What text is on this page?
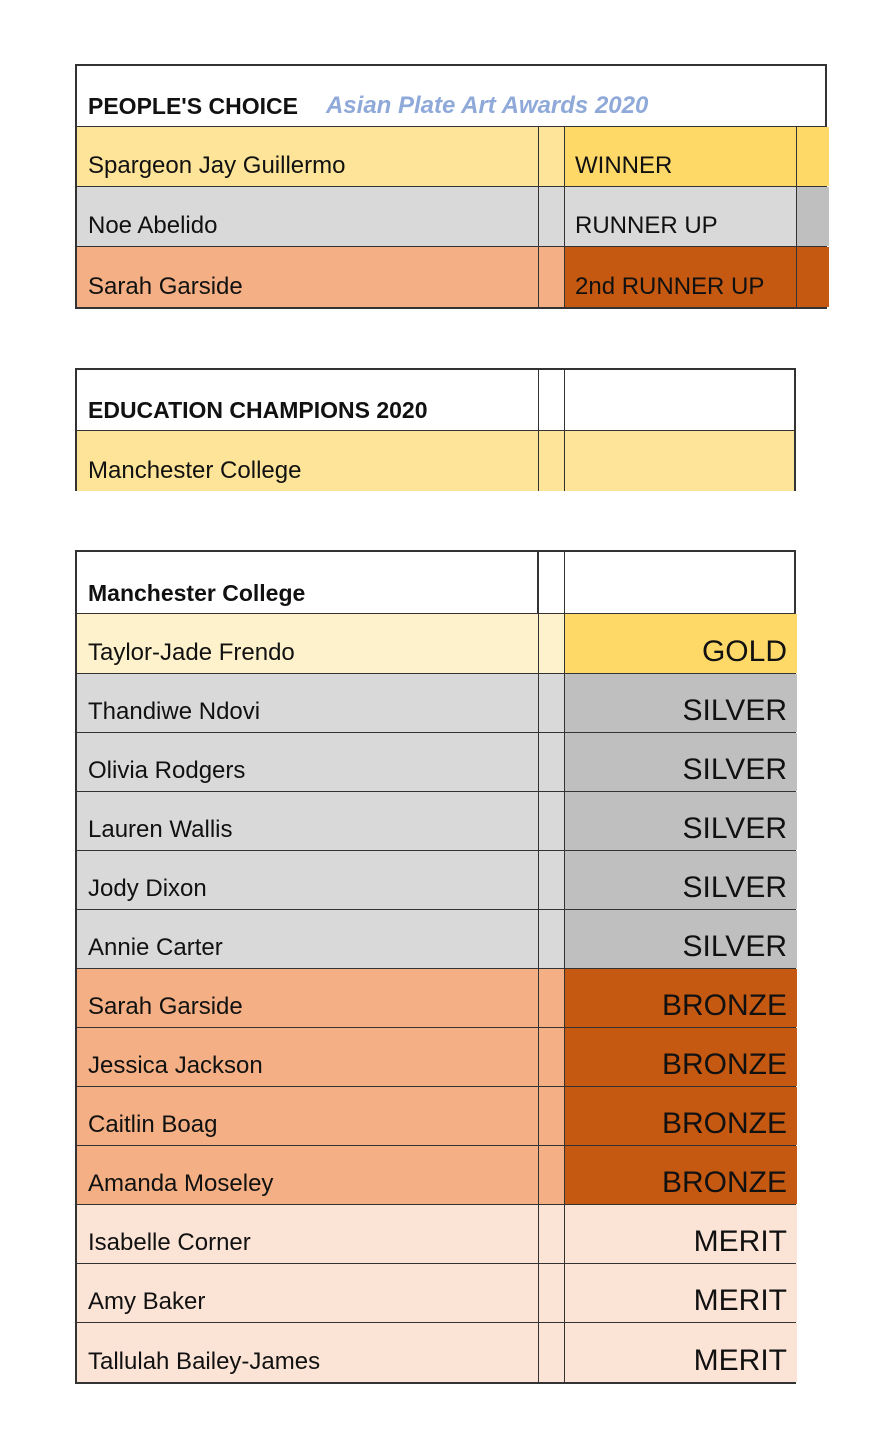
PEOPLE'S CHOICE Asian Plate Art Awards 2020
Spargeon Jay Guillermo	WINNER
Noe Abelido	RUNNER UP
Sarah Garside	2nd RUNNER UP
EDUCATION CHAMPIONS 2020
Manchester College
Manchester College
Taylor-Jade Frendo	GOLD
Thandiwe Ndovi	SILVER
Olivia Rodgers	SILVER
Lauren Wallis	SILVER
Jody Dixon	SILVER
Annie Carter	SILVER
Sarah Garside	BRONZE
Jessica Jackson	BRONZE
Caitlin Boag	BRONZE
Amanda Moseley	BRONZE
Isabelle Corner	MERIT
Amy Baker	MERIT
Tallulah Bailey-James	MERIT
